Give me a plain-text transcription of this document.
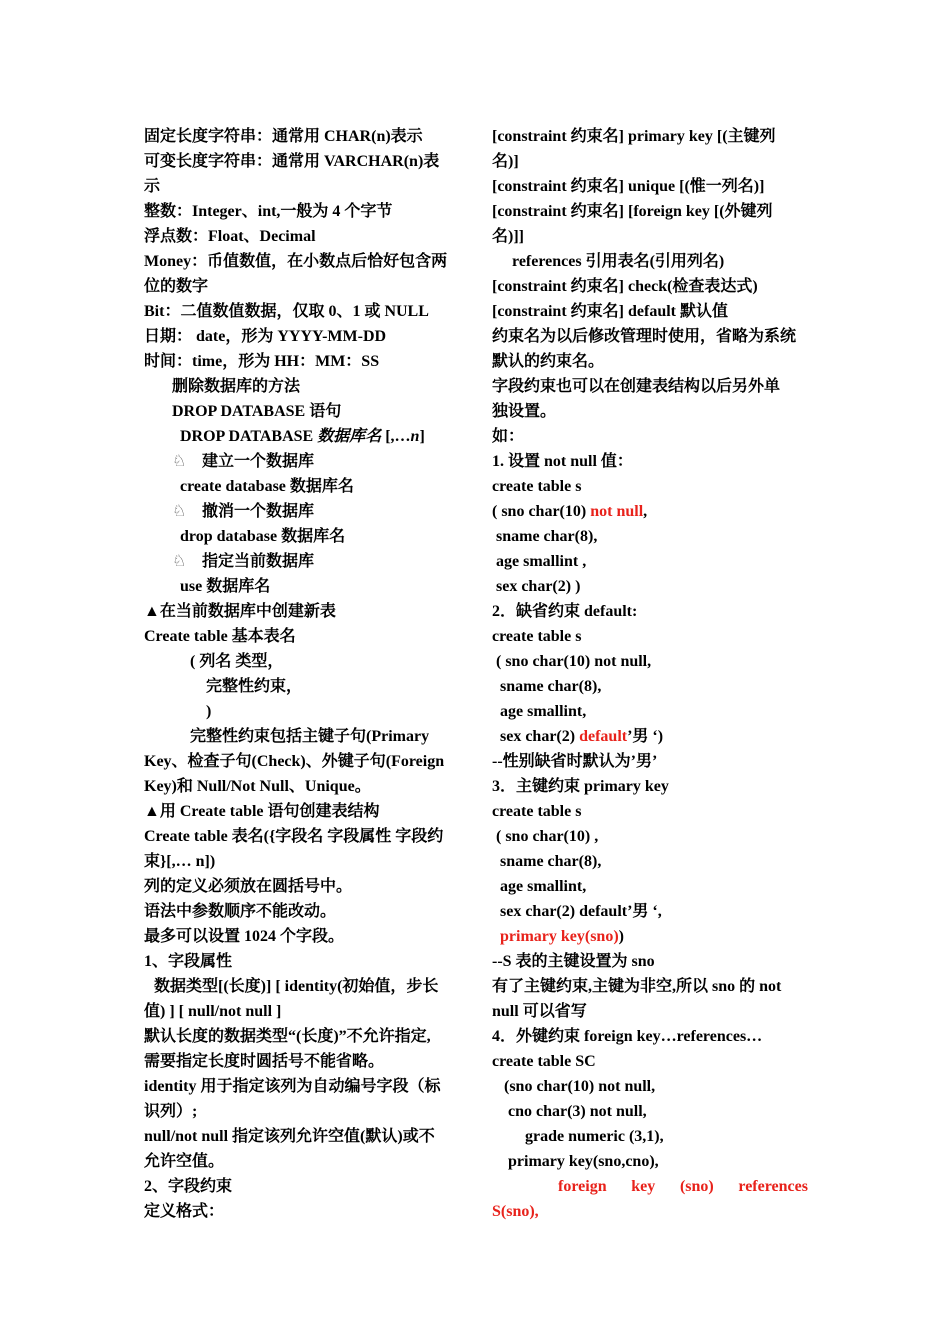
固定长度字符串：通常用 CHAR(n)表示
可变长度字符串：通常用 VARCHAR(n)表
示
整数：Integer、int,一般为 4 个字节
浮点数：Float、Decimal
Money：币值数值，在小数点后恰好包含两
位的数字
Bit：二值数值数据，仅取 0、1 或 NULL
日期： date，形为 YYYY-MM-DD
时间：time，形为 HH：MM：SS
删除数据库的方法
DROP DATABASE 语句
DROP DATABASE 数据库名 [,…n]
♘ 建立一个数据库
create database 数据库名
♘ 撤消一个数据库
drop database 数据库名
♘ 指定当前数据库
use 数据库名
▲在当前数据库中创建新表
Create table 基本表名
( 列名 类型，
完整性约束，
)
完整性约束包括主键子句(Primary
Key、检查子句(Check)、外键子句(Foreign
Key)和 Null/Not Null、Unique。
▲用 Create table 语句创建表结构
Create table 表名({字段名 字段属性 字段约
束}[,… n])
列的定义必须放在圆括号中。
语法中参数顺序不能改动。
最多可以设置 1024 个字段。
1、字段属性
数据类型[(长度)] [ identity(初始值，步长
值) ] [ null/not null ]
默认长度的数据类型“(长度)”不允许指定,
需要指定长度时圆括号不能省略。
identity 用于指定该列为自动编号字段（标
识列）;
null/not null 指定该列允许空值(默认)或不
允许空值。
2、字段约束
定义格式：
[constraint 约束名] primary key [(主键列
名)]
[constraint 约束名] unique [(惟一列名)]
[constraint 约束名] [foreign key [(外键列
名)]]
references 引用表名(引用列名)
[constraint 约束名] check(检查表达式)
[constraint 约束名] default 默认值
约束名为以后修改管理时使用，省略为系统
默认的约束名。
字段约束也可以在创建表结构以后另外单
独设置。
如：
1. 设置 not null 值：
create table s
( sno char(10) not null,
sname char(8),
age smallint ,
sex char(2) )
2．缺省约束 default:
create table s
( sno char(10) not null,
sname char(8),
age smallint,
sex char(2) default’男 ‘)
--性别缺省时默认为’男’
3．主键约束 primary key
create table s
( sno char(10) ,
sname char(8),
age smallint,
sex char(2) default’男 ‘,
primary key(sno))
--S 表的主键设置为 sno
有了主键约束,主键为非空,所以 sno 的 not
null 可以省写
4．外键约束 foreign key…references…
create table SC
(sno char(10) not null,
cno char(3) not null,
grade numeric (3,1),
primary key(sno,cno),
foreign key (sno) references
S(sno),
